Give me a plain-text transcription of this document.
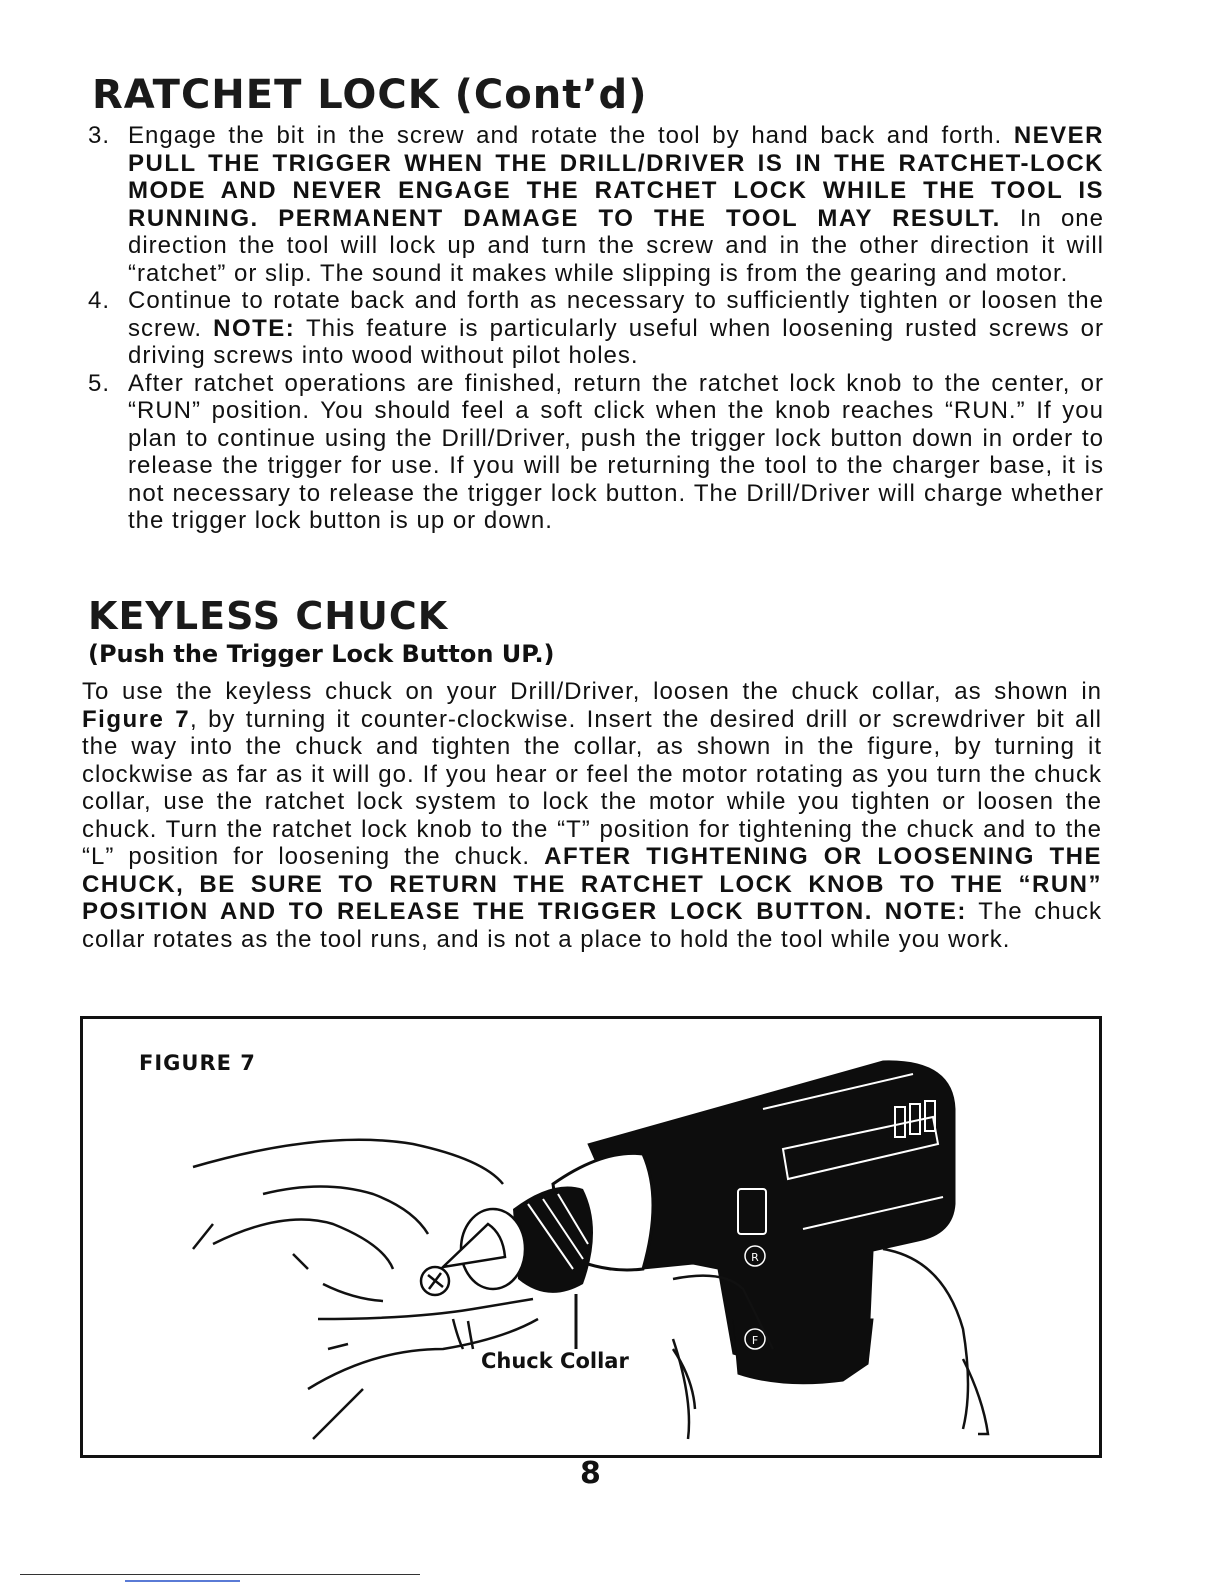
RATCHET LOCK (Cont’d)
3. Engage the bit in the screw and rotate the tool by hand back and forth. NEVER PULL THE TRIGGER WHEN THE DRILL/DRIVER IS IN THE RATCHET-LOCK MODE AND NEVER ENGAGE THE RATCHET LOCK WHILE THE TOOL IS RUNNING. PERMANENT DAMAGE TO THE TOOL MAY RESULT. In one direction the tool will lock up and turn the screw and in the other direction it will “ratchet” or slip. The sound it makes while slipping is from the gearing and motor.
4. Continue to rotate back and forth as necessary to sufficiently tighten or loosen the screw. NOTE: This feature is particularly useful when loosening rusted screws or driving screws into wood without pilot holes.
5. After ratchet operations are finished, return the ratchet lock knob to the center, or “RUN” position. You should feel a soft click when the knob reaches “RUN.” If you plan to continue using the Drill/Driver, push the trigger lock button down in order to release the trigger for use. If you will be returning the tool to the charger base, it is not necessary to release the trigger lock button. The Drill/Driver will charge whether the trigger lock button is up or down.
KEYLESS CHUCK
(Push the Trigger Lock Button UP.)

To use the keyless chuck on your Drill/Driver, loosen the chuck collar, as shown in Figure 7, by turning it counter-clockwise. Insert the desired drill or screwdriver bit all the way into the chuck and tighten the collar, as shown in the figure, by turning it clockwise as far as it will go. If you hear or feel the motor rotating as you turn the chuck collar, use the ratchet lock system to lock the motor while you tighten or loosen the chuck. Turn the ratchet lock knob to the “T” position for tightening the chuck and to the “L” position for loosening the chuck. AFTER TIGHTENING OR LOOSENING THE CHUCK, BE SURE TO RETURN THE RATCHET LOCK KNOB TO THE “RUN” POSITION AND TO RELEASE THE TRIGGER LOCK BUTTON. NOTE: The chuck collar rotates as the tool runs, and is not a place to hold the tool while you work.

FIGURE 7
R
F
Chuck Collar
8
